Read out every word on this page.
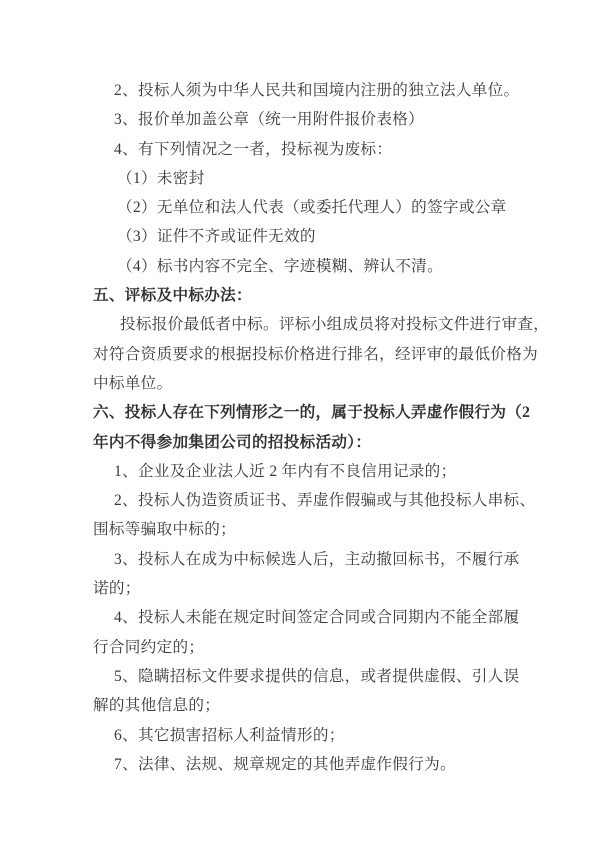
2、投标人须为中华人民共和国境内注册的独立法人单位。
3、报价单加盖公章（统一用附件报价表格）
4、有下列情况之一者，投标视为废标：
（1）未密封
（2）无单位和法人代表（或委托代理人）的签字或公章
（3）证件不齐或证件无效的
（4）标书内容不完全、字迹模糊、辨认不清。
五、评标及中标办法：
投标报价最低者中标。评标小组成员将对投标文件进行审查，
对符合资质要求的根据投标价格进行排名，经评审的最低价格为
中标单位。
六、投标人存在下列情形之一的，属于投标人弄虚作假行为（2
年内不得参加集团公司的招投标活动）：
1、企业及企业法人近 2 年内有不良信用记录的；
2、投标人伪造资质证书、弄虚作假骗或与其他投标人串标、
围标等骗取中标的；
3、投标人在成为中标候选人后，主动撤回标书，不履行承
诺的；
4、投标人未能在规定时间签定合同或合同期内不能全部履
行合同约定的；
5、隐瞒招标文件要求提供的信息，或者提供虚假、引人误
解的其他信息的；
6、其它损害招标人利益情形的；
7、法律、法规、规章规定的其他弄虚作假行为。
